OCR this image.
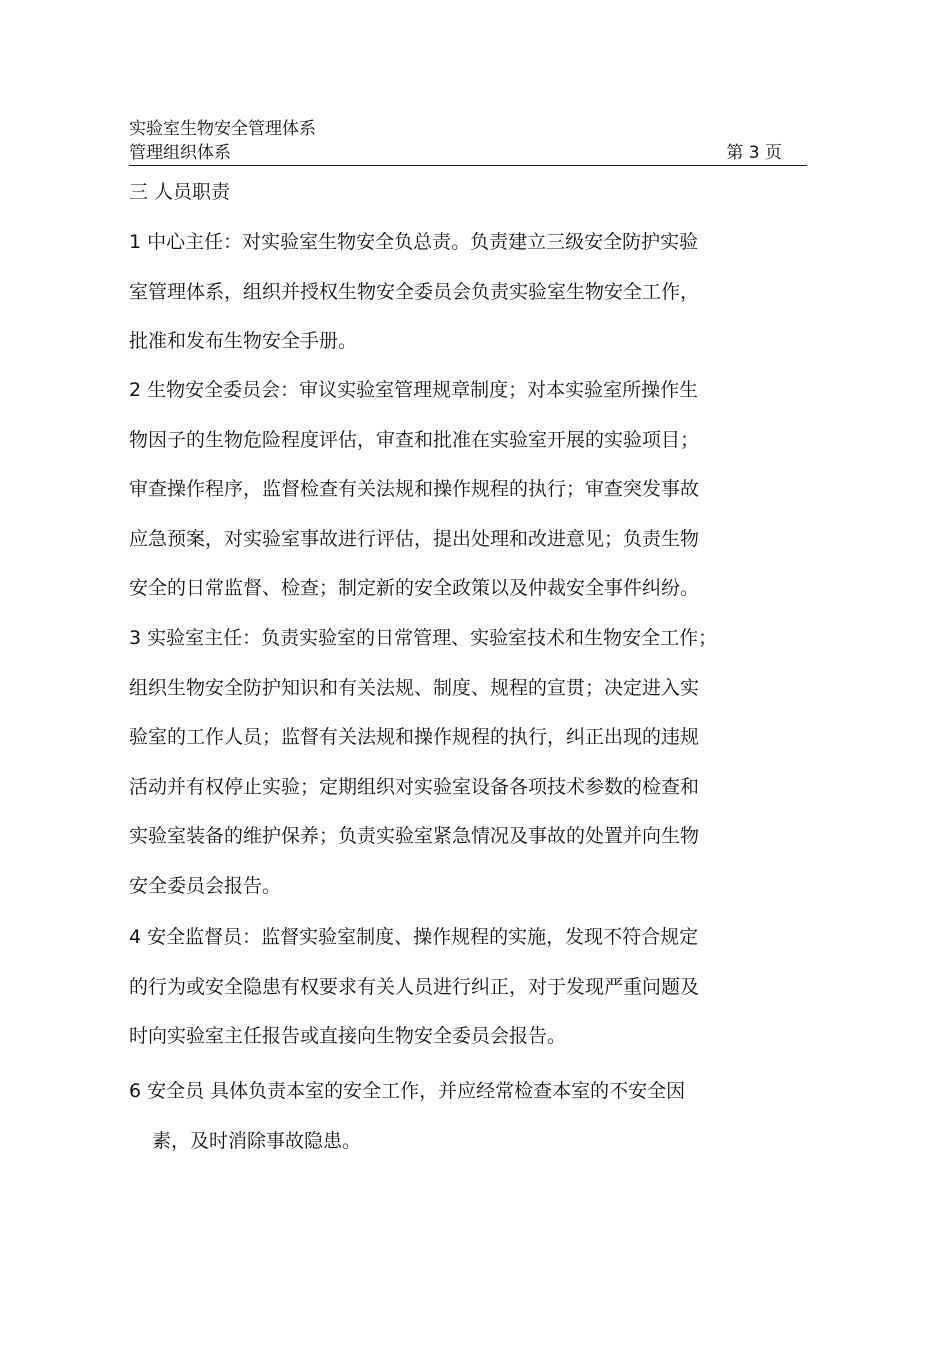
实验室生物安全管理体系
管理组织体系	第 3 页
三 人员职责
1 中心主任：对实验室生物安全负总责。负责建立三级安全防护实验
室管理体系，组织并授权生物安全委员会负责实验室生物安全工作，
批准和发布生物安全手册。
2 生物安全委员会：审议实验室管理规章制度；对本实验室所操作生
物因子的生物危险程度评估，审查和批准在实验室开展的实验项目；
审查操作程序，监督检查有关法规和操作规程的执行；审查突发事故
应急预案，对实验室事故进行评估，提出处理和改进意见；负责生物
安全的日常监督、检查；制定新的安全政策以及仲裁安全事件纠纷。
3 实验室主任：负责实验室的日常管理、实验室技术和生物安全工作；
组织生物安全防护知识和有关法规、制度、规程的宣贯；决定进入实
验室的工作人员；监督有关法规和操作规程的执行，纠正出现的违规
活动并有权停止实验；定期组织对实验室设备各项技术参数的检查和
实验室装备的维护保养；负责实验室紧急情况及事故的处置并向生物
安全委员会报告。
4 安全监督员：监督实验室制度、操作规程的实施，发现不符合规定
的行为或安全隐患有权要求有关人员进行纠正，对于发现严重问题及
时向实验室主任报告或直接向生物安全委员会报告。
6 安全员 具体负责本室的安全工作，并应经常检查本室的不安全因
素，及时消除事故隐患。
